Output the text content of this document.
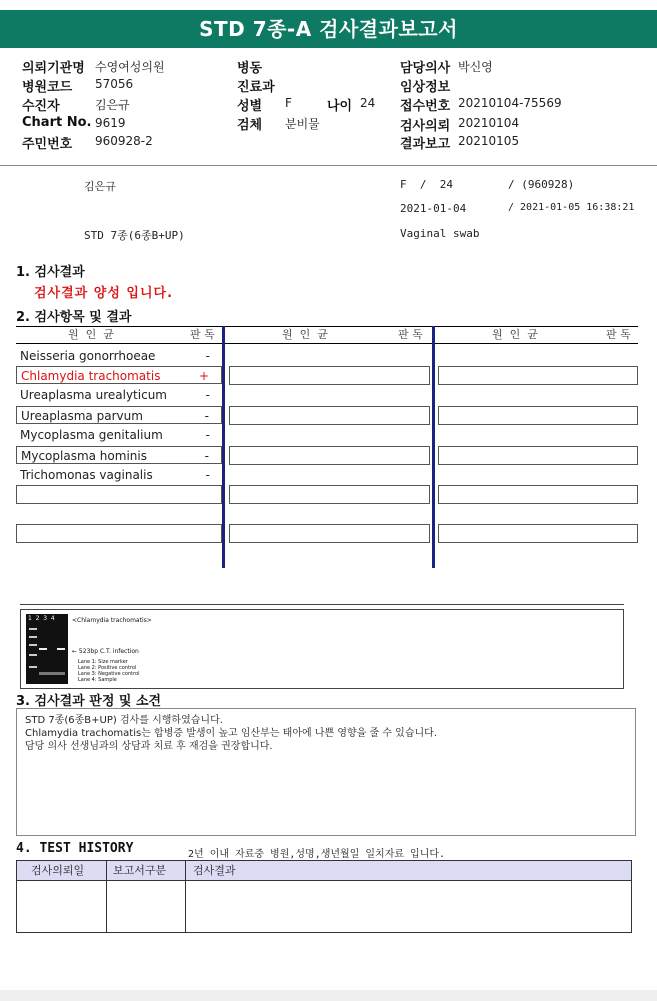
STD 7종-A 검사결과보고서
의뢰기관명 수영여성의원
병원코드 57056
수진자	김은규
Chart No. 9619
주민번호 960928-2
병동
진료과
성별 F	나이 24
검체 분비물
담당의사 박신영
임상정보
접수번호 20210104-75569
검사의뢰 20210104
결과보고 20210105
김은규	F  /  24	/ (960928)
2021-01-04	/ 2021-01-05 16:38:21
STD 7종(6종B+UP)	Vaginal swab
1. 검사결과
검사결과 양성 입니다.
2. 검사항목 및 결과
원  인  균	판 독	원  인  균	판 독	원  인  균	판 독
Neisseria gonorrhoeae	-
Chlamydia trachomatis	+
Ureaplasma urealyticum	-
Ureaplasma parvum	-
Mycoplasma genitalium	-
Mycoplasma hominis	-
Trichomonas vaginalis	-
1  2  3  4	<Chlamydia trachomatis>
← 523bp C.T. infection
Lane 1: Size marker
Lane 2: Positive control
Lane 3: Negative control
Lane 4: Sample
3. 검사결과 판정 및 소견
STD 7종(6종B+UP) 검사를 시행하였습니다.
Chlamydia trachomatis는 합병증 발생이 높고 임산부는 태아에 나쁜 영향을 줄 수 있습니다.
담당 의사 선생님과의 상담과 치료 후 재검을 권장합니다.
4. TEST HISTORY	2년 이내 자료중 병원,성명,생년월일 일치자료 입니다.
검사의뢰일	보고서구분 검사결과
